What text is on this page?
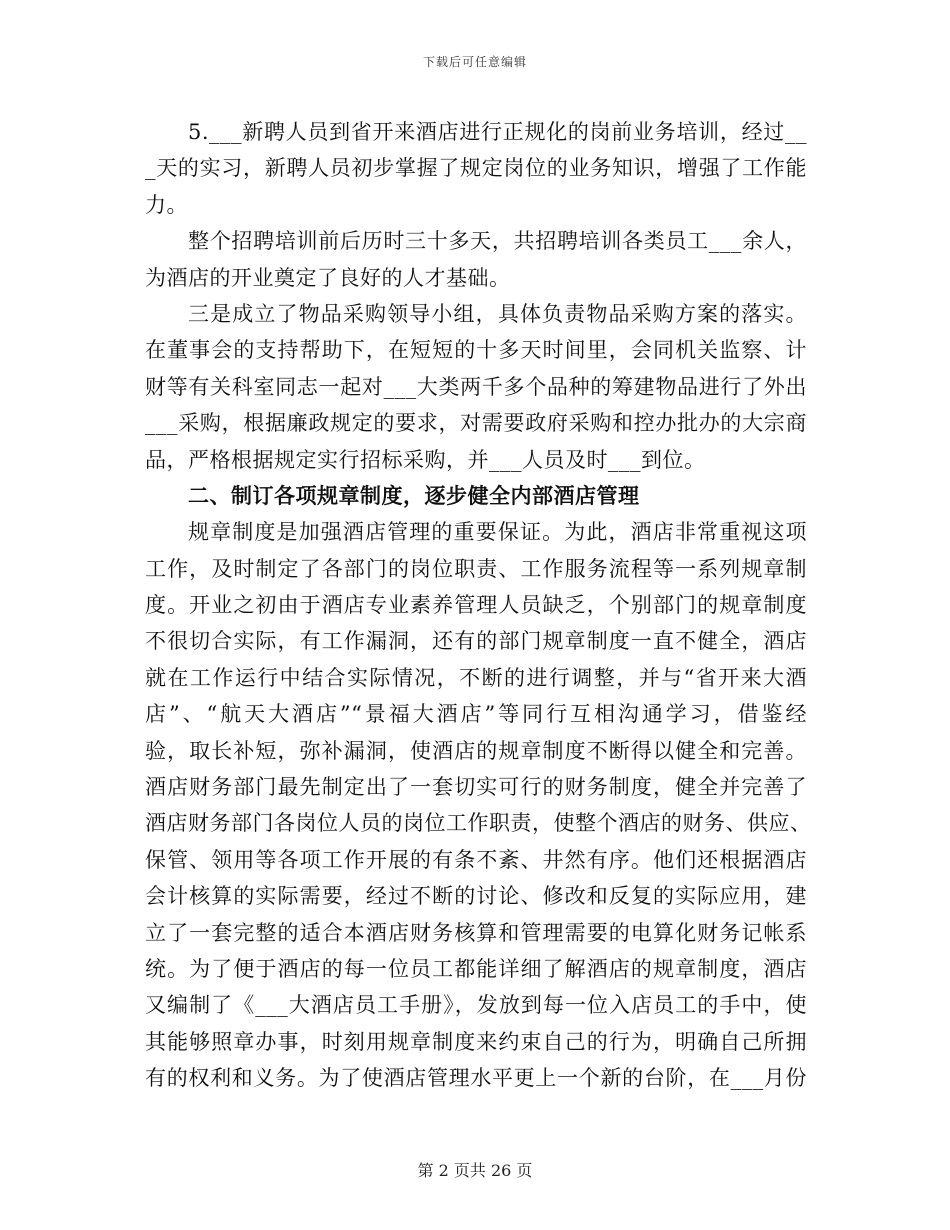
下载后可任意编辑
5.___新聘人员到省开来酒店进行正规化的岗前业务培训，经过__
_天的实习，新聘人员初步掌握了规定岗位的业务知识，增强了工作能
力。
整个招聘培训前后历时三十多天，共招聘培训各类员工___余人，
为酒店的开业奠定了良好的人才基础。
三是成立了物品采购领导小组，具体负责物品采购方案的落实。
在董事会的支持帮助下，在短短的十多天时间里，会同机关监察、计
财等有关科室同志一起对___大类两千多个品种的筹建物品进行了外出
___采购，根据廉政规定的要求，对需要政府采购和控办批办的大宗商
品，严格根据规定实行招标采购，并___人员及时___到位。
二、制订各项规章制度，逐步健全内部酒店管理
规章制度是加强酒店管理的重要保证。为此，酒店非常重视这项
工作，及时制定了各部门的岗位职责、工作服务流程等一系列规章制
度。开业之初由于酒店专业素养管理人员缺乏，个别部门的规章制度
不很切合实际，有工作漏洞，还有的部门规章制度一直不健全，酒店
就在工作运行中结合实际情况，不断的进行调整，并与“省开来大酒
店”、“航天大酒店”“景福大酒店”等同行互相沟通学习，借鉴经
验，取长补短，弥补漏洞，使酒店的规章制度不断得以健全和完善。
酒店财务部门最先制定出了一套切实可行的财务制度，健全并完善了
酒店财务部门各岗位人员的岗位工作职责，使整个酒店的财务、供应、
保管、领用等各项工作开展的有条不紊、井然有序。他们还根据酒店
会计核算的实际需要，经过不断的讨论、修改和反复的实际应用，建
立了一套完整的适合本酒店财务核算和管理需要的电算化财务记帐系
统。为了便于酒店的每一位员工都能详细了解酒店的规章制度，酒店
又编制了《___大酒店员工手册》，发放到每一位入店员工的手中，使
其能够照章办事，时刻用规章制度来约束自己的行为，明确自己所拥
有的权利和义务。为了使酒店管理水平更上一个新的台阶，在___月份
第 2 页共 26 页
